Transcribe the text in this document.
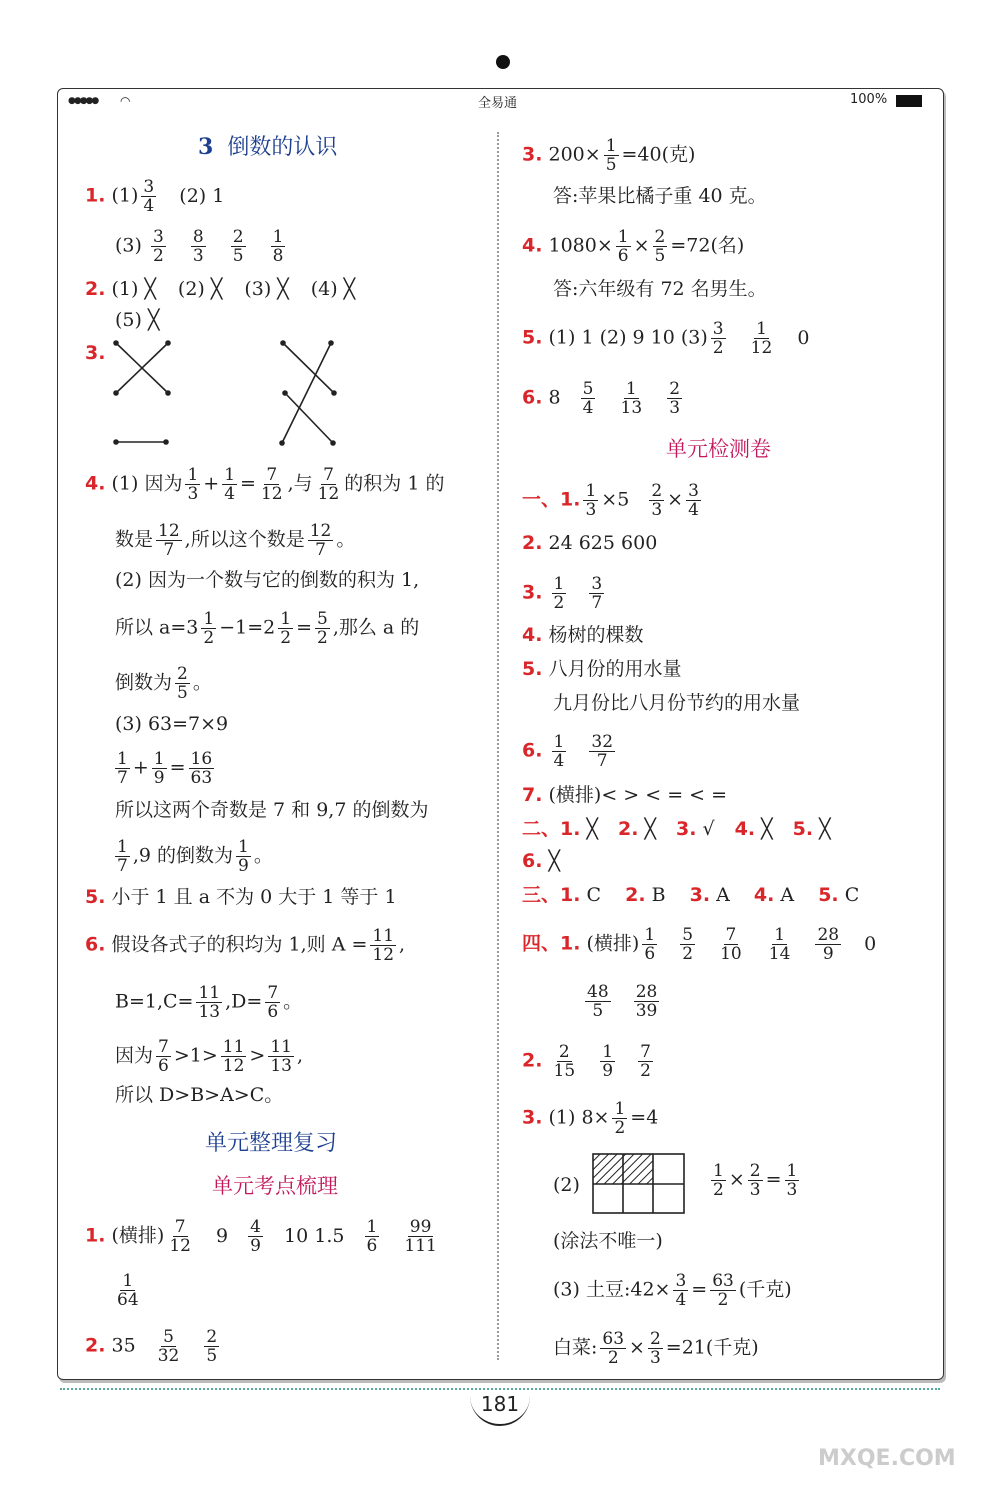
●●●●● ◠	全易通	100%
3 倒数的认识
1. $(1) \frac{3}{4} (2)$ 1
$(3) \frac{3}{2}$
$\frac{8}{3}$
$\frac{2}{5}$
$\frac{1}{8}$
2. (1) ╳ (2) ╳ (3) ╳ (4) ╳
(5) ╳
3.
4. (1) 因为 $\frac{1}{3} + \frac{1}{4} = \frac{7}{12}$ ,与 $\frac{7}{12}$ 的积为 1 的
数是 $\frac{12}{7}$ ,所以这个数是 $\frac{12}{7}$ 。
(2) 因为一个数与它的倒数的积为 1,
所以 $a=3 \frac{1}{2} -1=2 \frac{1}{2} = \frac{5}{2}$ ,那么 a 的
倒数为 $\frac{2}{5}$ 。
(3) 63=7×9
$\frac{1}{7} + \frac{1}{9} = \frac{16}{63}$
所以这两个奇数是 7 和 9,7 的倒数为
$\frac{1}{7} ,9$ 的倒数为 $\frac{1}{9}$ 。
5. 小于 1 且 a 不为 0 大于 1 等于 1
6. 假设各式子的积均为 1,则 $A = \frac{11}{12}$ ,
$B=1,C= \frac{11}{13} ,D= \frac{7}{6}$ 。
因为 $\frac{7}{6} >1> \frac{11}{12} > \frac{11}{13}$ ,
所以 D>B>A>C。
单元整理复习
单元考点梳理
1. (横排) $\frac{7}{12} 9 \frac{4}{9} 10$ $1.5 \frac{1}{6}$
$\frac{99}{111}$
$\frac{1}{64}$
2. $35 \frac{5}{32}$
$\frac{2}{5}$
3. $200\times \frac{1}{5} =40$(克)
答:苹果比橘子重 40 克。
4. $1080\times \frac{1}{6} \times \frac{2}{5} =72$(名)
答:六年级有 72 名男生。
5. (1) 1 (2) 9 10 $(3) \frac{3}{2}$
$\frac{1}{12} 0$
6. $8 \frac{5}{4}$
$\frac{1}{13}$
$\frac{2}{3}$
单元检测卷
一、1. $\frac{1}{3} \times 5 \frac{2}{3} \times \frac{3}{4}$
2. 24 625 600
3. $\frac{1}{2}$
$\frac{3}{7}$
4. 杨树的棵数
5. 八月份的用水量
九月份比八月份节约的用水量
6. $\frac{1}{4}$
$\frac{32}{7}$
7. (横排)< > < = < =
二、1. ╳ 2. ╳ 3. √ 4. ╳ 5. ╳
6. ╳
三、1. C 2. B 3. A 4. A 5. C
四、1. (横排) $\frac{1}{6}$
$\frac{5}{2}$
$\frac{7}{10}$
$\frac{1}{14}$
$\frac{28}{9} 0$
$\frac{48}{5}$
$\frac{28}{39}$
2. $\frac{2}{15}$
$\frac{1}{9}$
$\frac{7}{2}$
3. (1) $8\times \frac{1}{2} =4$
(2)	$\frac{1}{2} \times \frac{2}{3} = \frac{1}{3}$
(涂法不唯一)
(3) 土豆:42× $\frac{3}{4} = \frac{63}{2}$ (千克)
白菜: $\frac{63}{2} \times \frac{2}{3} =21$(千克)
181
MXQE.COM
